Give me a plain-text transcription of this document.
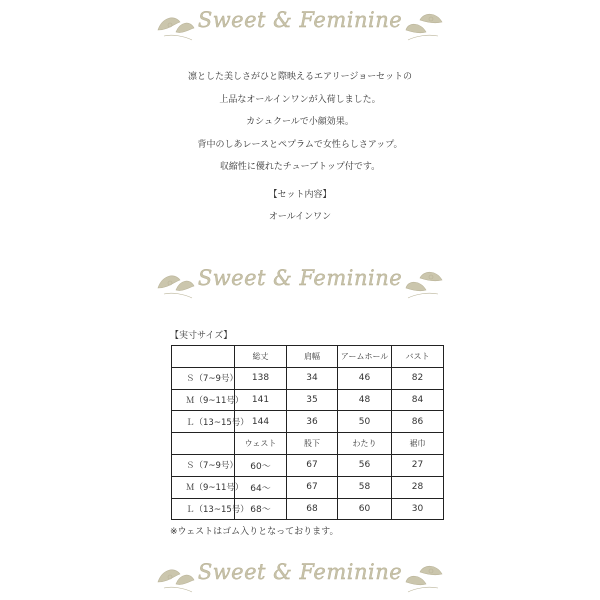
Sweet & Feminine

凛とした美しさがひと際映えるエアリージョーセットの

上品なオールインワンが入荷しました。

カシュクールで小顔効果。

背中のしあレースとペプラムで女性らしさアップ。

収縮性に優れたチューブトップ付です。

【セット内容】

オールインワン

Sweet & Feminine
【実寸サイズ】
	総丈	肩幅	アームホール	バスト
Ｓ（7~9号）	138	34	46	82
Ｍ（9~11号）	141	35	48	84
Ｌ（13~15号）	144	36	50	86
	ウェスト	股下	わたり	裾巾
Ｓ（7~9号）	60〜	67	56	27
Ｍ（9~11号）	64〜	67	58	28
Ｌ（13~15号）	68〜	68	60	30
※ウェストはゴム入りとなっております。
Sweet & Feminine
